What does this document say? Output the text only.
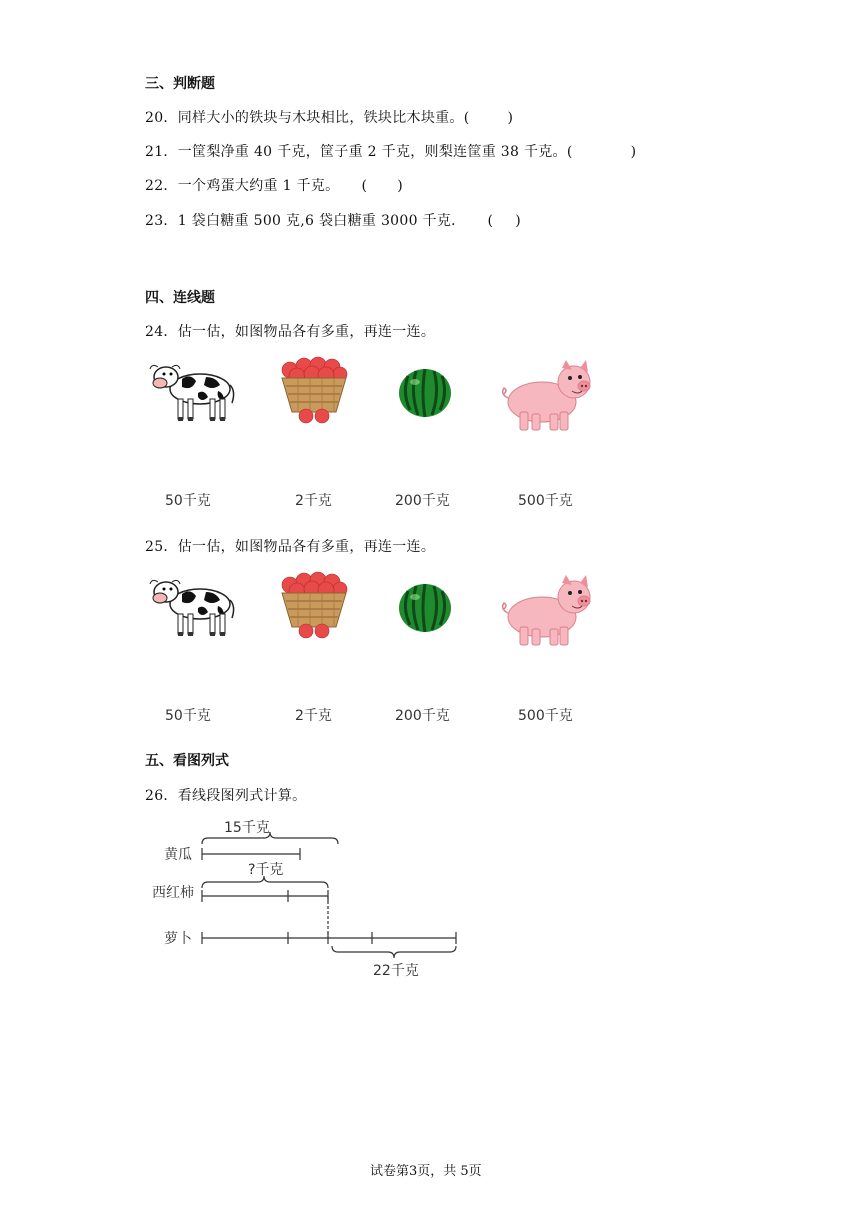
三、判断题
20．同样大小的铁块与木块相比，铁块比木块重。(	)
21．一筐梨净重 40 千克，筐子重 2 千克，则梨连筐重 38 千克。(	)
22．一个鸡蛋大约重 1 千克。 ( )
23．1 袋白糖重 500 克,6 袋白糖重 3000 千克． ( )
四、连线题
24．估一估，如图物品各有多重，再连一连。
50千克	2千克	200千克	500千克
25．估一估，如图物品各有多重，再连一连。
50千克	2千克	200千克	500千克
五、看图列式
26．看线段图列式计算。
黄瓜
西红柿
萝卜
15千克
?千克
22千克
试卷第3页，共 5页
